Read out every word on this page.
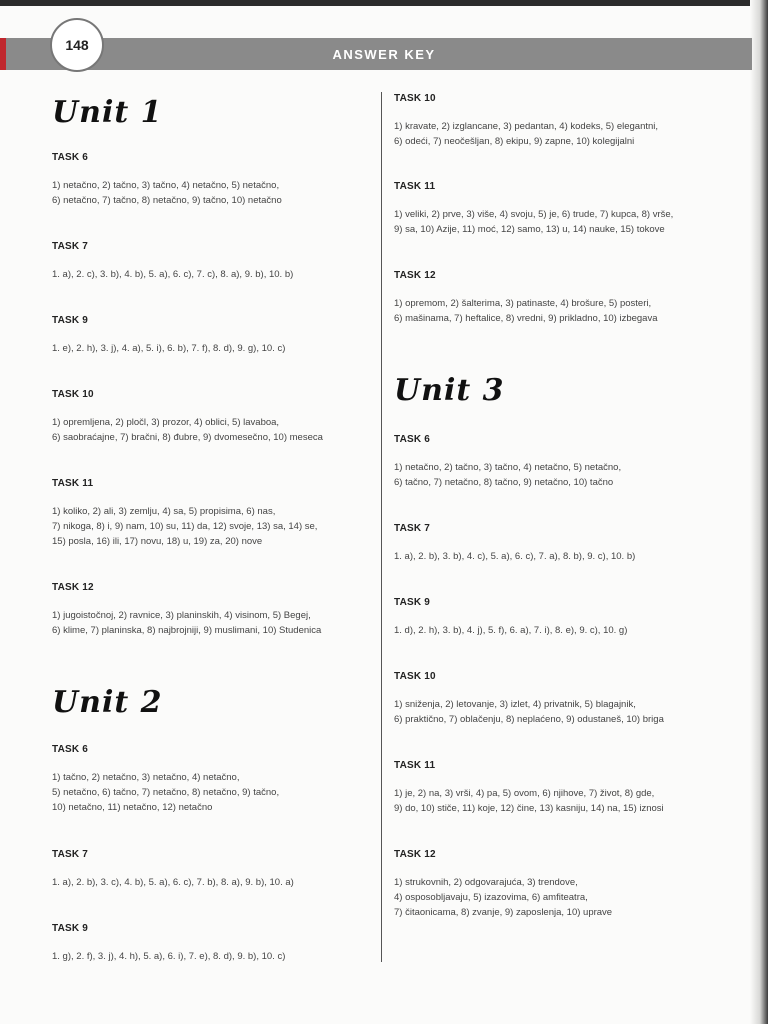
ANSWER KEY
148
Unit 1
TASK 6
1) netačno, 2) tačno, 3) tačno, 4) netačno, 5) netačno,
6) netačno, 7) tačno, 8) netačno, 9) tačno, 10) netačno
TASK 7
1. a), 2. c), 3. b), 4. b), 5. a), 6. c), 7. c), 8. a), 9. b), 10. b)
TASK 9
1. e), 2. h), 3. j), 4. a), 5. i), 6. b), 7. f), 8. d), 9. g), 10. c)
TASK 10
1) opremljena, 2) pločl, 3) prozor, 4) oblici, 5) lavaboa,
6) saobraćajne, 7) bračni, 8) đubre, 9) dvomesečno, 10) meseca
TASK 11
1) koliko, 2) ali, 3) zemlju, 4) sa, 5) propisima, 6) nas,
7) nikoga, 8) i, 9) nam, 10) su, 11) da, 12) svoje, 13) sa, 14) se,
15) posla, 16) ili, 17) novu, 18) u, 19) za, 20) nove
TASK 12
1) jugoistočnoj, 2) ravnice, 3) planinskih, 4) visinom, 5) Begej,
6) klime, 7) planinska, 8) najbrojniji, 9) muslimani, 10) Studenica
Unit 2
TASK 6
1) tačno, 2) netačno, 3) netačno, 4) netačno,
5) netačno, 6) tačno, 7) netačno, 8) netačno, 9) tačno,
10) netačno, 11) netačno, 12) netačno
TASK 7
1. a), 2. b), 3. c), 4. b), 5. a), 6. c), 7. b), 8. a), 9. b), 10. a)
TASK 9
1. g), 2. f), 3. j), 4. h), 5. a), 6. i), 7. e), 8. d), 9. b), 10. c)
TASK 10
1) kravate, 2) izglancane, 3) pedantan, 4) kodeks, 5) elegantni,
6) odeći, 7) neočešljan, 8) ekipu, 9) zapne, 10) kolegijalni
TASK 11
1) veliki, 2) prve, 3) više, 4) svoju, 5) je, 6) trude, 7) kupca, 8) vrše,
9) sa, 10) Azije, 11) moć, 12) samo, 13) u, 14) nauke, 15) tokove
TASK 12
1) opremom, 2) šalterima, 3) patinaste, 4) brošure, 5) posteri,
6) mašinama, 7) heftalice, 8) vredni, 9) prikladno, 10) izbegava
Unit 3
TASK 6
1) netačno, 2) tačno, 3) tačno, 4) netačno, 5) netačno,
6) tačno, 7) netačno, 8) tačno, 9) netačno, 10) tačno
TASK 7
1. a), 2. b), 3. b), 4. c), 5. a), 6. c), 7. a), 8. b), 9. c), 10. b)
TASK 9
1. d), 2. h), 3. b), 4. j), 5. f), 6. a), 7. i), 8. e), 9. c), 10. g)
TASK 10
1) sniženja, 2) letovanje, 3) izlet, 4) privatnik, 5) blagajnik,
6) praktično, 7) oblačenju, 8) neplaćeno, 9) odustaneš, 10) briga
TASK 11
1) je, 2) na, 3) vrši, 4) pa, 5) ovom, 6) njihove, 7) život, 8) gde,
9) do, 10) stiče, 11) koje, 12) čine, 13) kasniju, 14) na, 15) iznosi
TASK 12
1) strukovnih, 2) odgovarajuća, 3) trendove,
4) osposobljavaju, 5) izazovima, 6) amfiteatra,
7) čitaonicama, 8) zvanje, 9) zaposlenja, 10) uprave
